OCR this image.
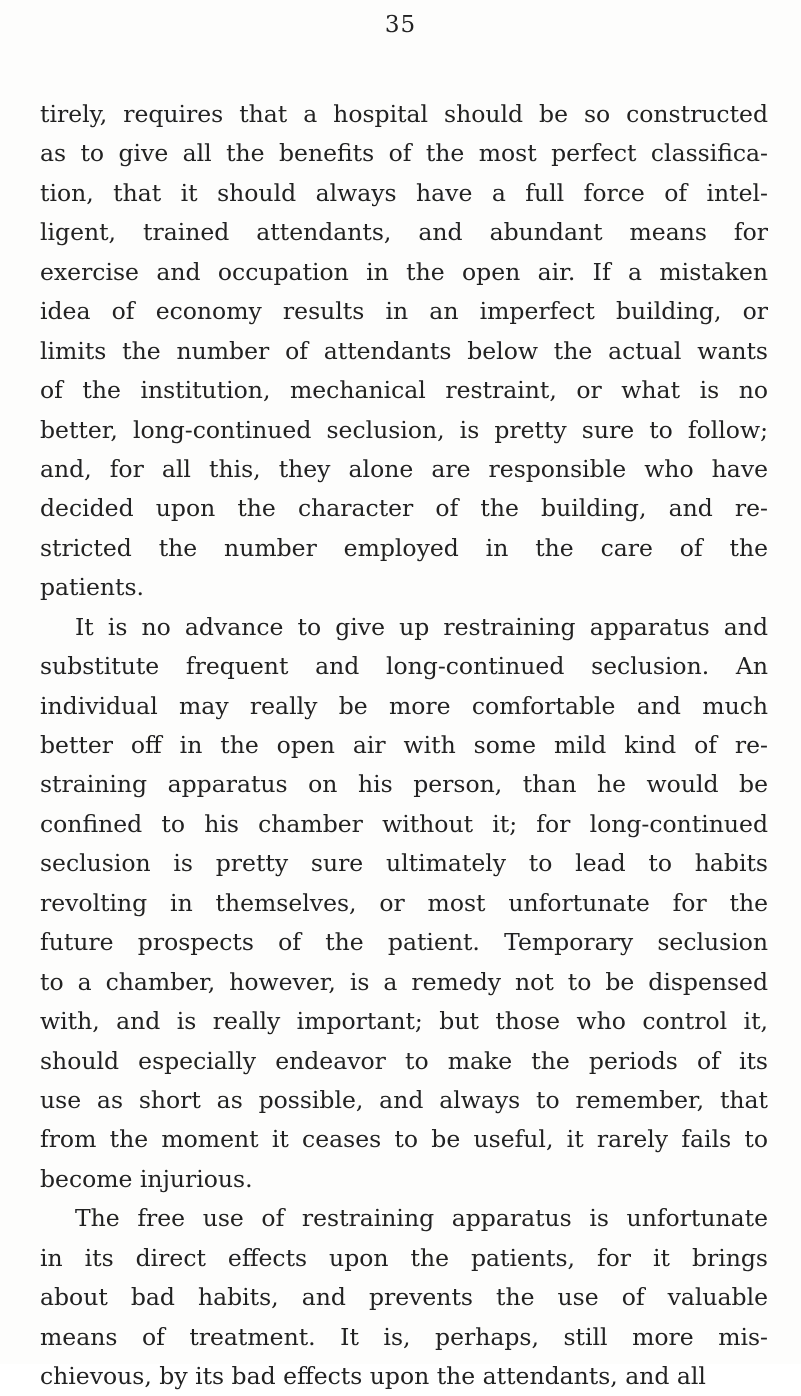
35
tirely, requires that a hospital should be so constructed
as to give all the benefits of the most perfect classifica-
tion, that it should always have a full force of intel-
ligent, trained attendants, and abundant means for
exercise and occupation in the open air. If a mistaken
idea of economy results in an imperfect building, or
limits the number of attendants below the actual wants
of the institution, mechanical restraint, or what is no
better, long-continued seclusion, is pretty sure to follow;
and, for all this, they alone are responsible who have
decided upon the character of the building, and re-
stricted the number employed in the care of the
patients.
It is no advance to give up restraining apparatus and
substitute frequent and long-continued seclusion. An
individual may really be more comfortable and much
better off in the open air with some mild kind of re-
straining apparatus on his person, than he would be
confined to his chamber without it; for long-continued
seclusion is pretty sure ultimately to lead to habits
revolting in themselves, or most unfortunate for the
future prospects of the patient. Temporary seclusion
to a chamber, however, is a remedy not to be dispensed
with, and is really important; but those who control it,
should especially endeavor to make the periods of its
use as short as possible, and always to remember, that
from the moment it ceases to be useful, it rarely fails to
become injurious.
The free use of restraining apparatus is unfortunate
in its direct effects upon the patients, for it brings
about bad habits, and prevents the use of valuable
means of treatment. It is, perhaps, still more mis-
chievous, by its bad effects upon the attendants, and all
